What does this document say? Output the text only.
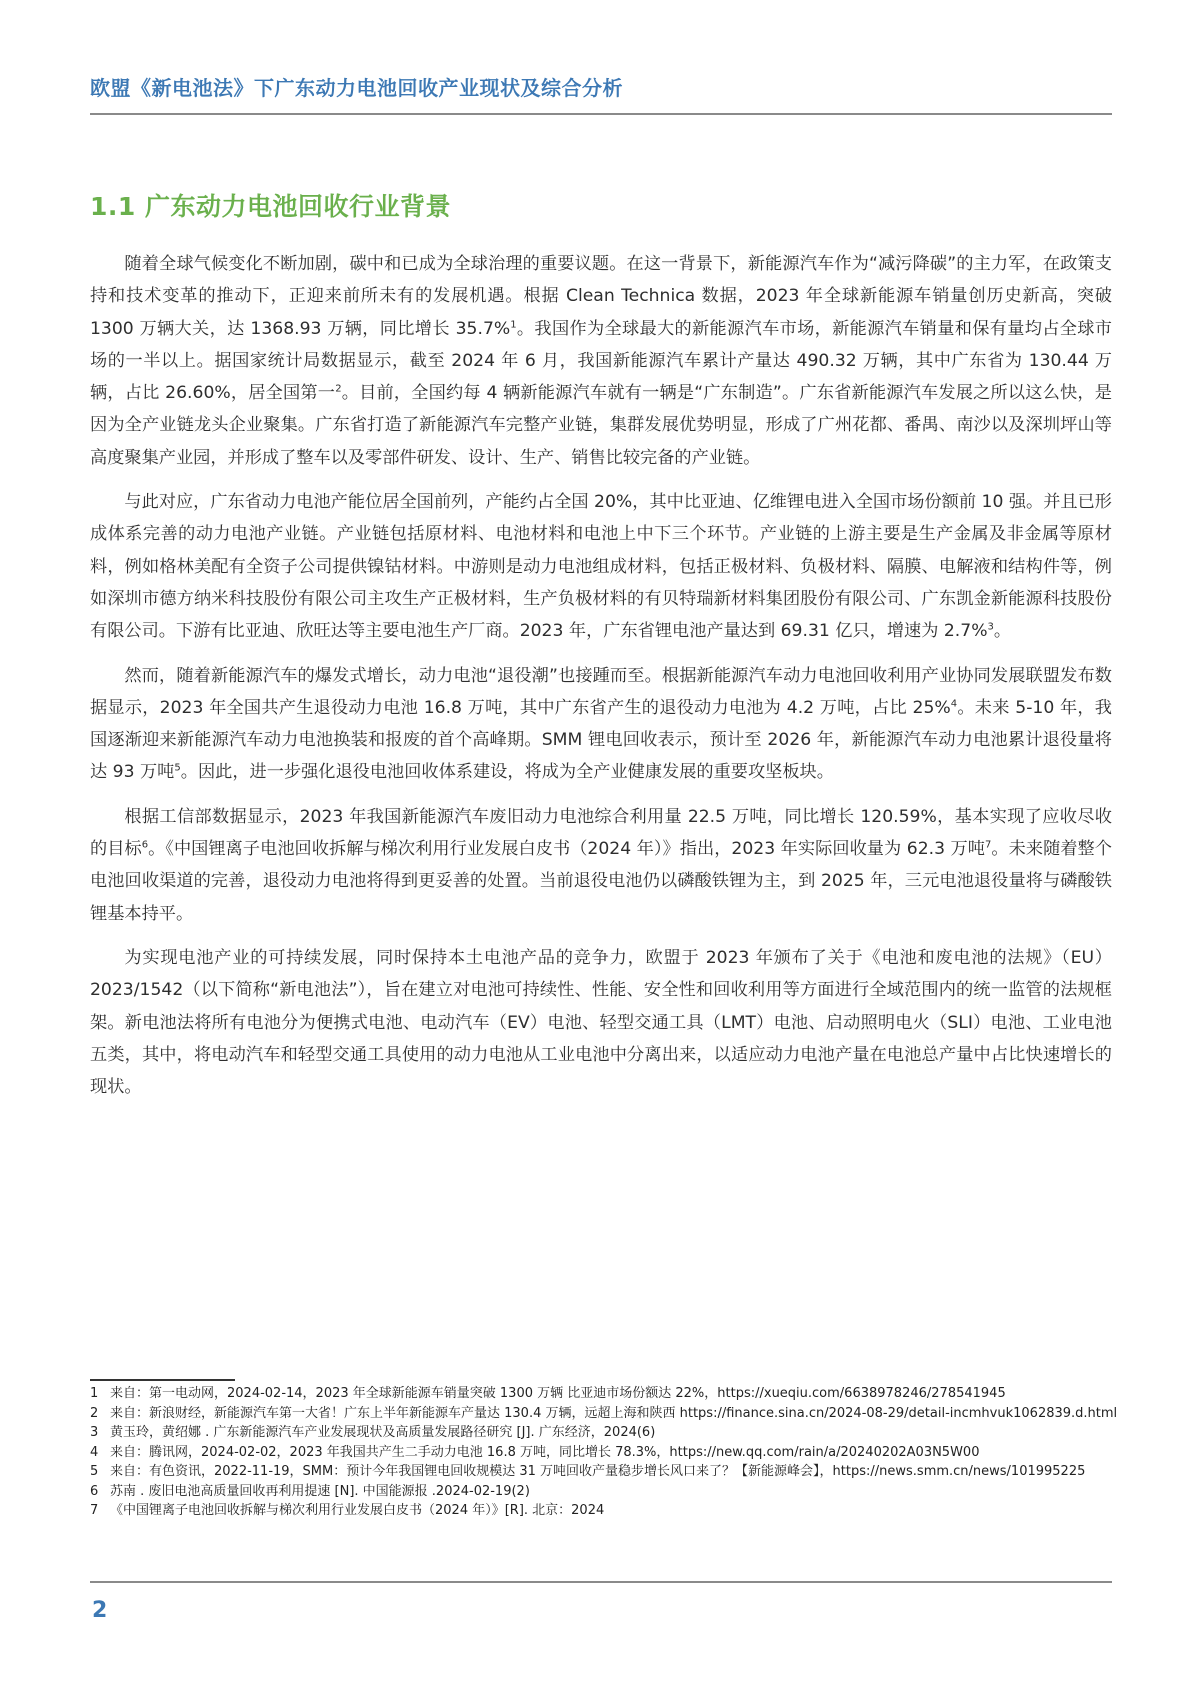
欧盟《新电池法》下广东动力电池回收产业现状及综合分析
1.1 广东动力电池回收行业背景

随着全球气候变化不断加剧，碳中和已成为全球治理的重要议题。在这一背景下，新能源汽车作为“减污降碳”的主力军，在政策支持和技术变革的推动下，正迎来前所未有的发展机遇。根据 Clean Technica 数据，2023 年全球新能源车销量创历史新高，突破 1300 万辆大关，达 1368.93 万辆，同比增长 35.7%$^1$。我国作为全球最大的新能源汽车市场，新能源汽车销量和保有量均占全球市场的一半以上。据国家统计局数据显示，截至 2024 年 6 月，我国新能源汽车累计产量达 490.32 万辆，其中广东省为 130.44 万辆，占比 26.60%，居全国第一$^2$。目前，全国约每 4 辆新能源汽车就有一辆是“广东制造”。广东省新能源汽车发展之所以这么快，是因为全产业链龙头企业聚集。广东省打造了新能源汽车完整产业链，集群发展优势明显，形成了广州花都、番禺、南沙以及深圳坪山等高度聚集产业园，并形成了整车以及零部件研发、设计、生产、销售比较完备的产业链。

与此对应，广东省动力电池产能位居全国前列，产能约占全国 20%，其中比亚迪、亿维锂电进入全国市场份额前 10 强。并且已形成体系完善的动力电池产业链。产业链包括原材料、电池材料和电池上中下三个环节。产业链的上游主要是生产金属及非金属等原材料，例如格林美配有全资子公司提供镍钴材料。中游则是动力电池组成材料，包括正极材料、负极材料、隔膜、电解液和结构件等，例如深圳市德方纳米科技股份有限公司主攻生产正极材料，生产负极材料的有贝特瑞新材料集团股份有限公司、广东凯金新能源科技股份有限公司。下游有比亚迪、欣旺达等主要电池生产厂商。2023 年，广东省锂电池产量达到 69.31 亿只，增速为 2.7%$^3$。

然而，随着新能源汽车的爆发式增长，动力电池“退役潮”也接踵而至。根据新能源汽车动力电池回收利用产业协同发展联盟发布数据显示，2023 年全国共产生退役动力电池 16.8 万吨，其中广东省产生的退役动力电池为 4.2 万吨，占比 25%$^4$。未来 5-10 年，我国逐渐迎来新能源汽车动力电池换装和报废的首个高峰期。SMM 锂电回收表示，预计至 2026 年，新能源汽车动力电池累计退役量将达 93 万吨$^5$。因此，进一步强化退役电池回收体系建设，将成为全产业健康发展的重要攻坚板块。

根据工信部数据显示，2023 年我国新能源汽车废旧动力电池综合利用量 22.5 万吨，同比增长 120.59%，基本实现了应收尽收的目标$^6$。《中国锂离子电池回收拆解与梯次利用行业发展白皮书（2024 年）》指出，2023 年实际回收量为 62.3 万吨$^7$。未来随着整个电池回收渠道的完善，退役动力电池将得到更妥善的处置。当前退役电池仍以磷酸铁锂为主，到 2025 年，三元电池退役量将与磷酸铁锂基本持平。

为实现电池产业的可持续发展，同时保持本土电池产品的竞争力，欧盟于 2023 年颁布了关于《电池和废电池的法规》（EU）2023/1542（以下简称“新电池法”），旨在建立对电池可持续性、性能、安全性和回收利用等方面进行全域范围内的统一监管的法规框架。新电池法将所有电池分为便携式电池、电动汽车（EV）电池、轻型交通工具（LMT）电池、启动照明电火（SLI）电池、工业电池五类，其中，将电动汽车和轻型交通工具使用的动力电池从工业电池中分离出来，以适应动力电池产量在电池总产量中占比快速增长的现状。

1 来自：第一电动网，2024-02-14，2023 年全球新能源车销量突破 1300 万辆 比亚迪市场份额达 22%，https://xueqiu.com/6638978246/278541945

2 来自：新浪财经，新能源汽车第一大省！广东上半年新能源车产量达 130.4 万辆，远超上海和陕西 https://finance.sina.cn/2024-08-29/detail-incmhvuk1062839.d.html

3 黄玉玲，黄绍娜 . 广东新能源汽车产业发展现状及高质量发展路径研究 [J]. 广东经济，2024(6)

4 来自：腾讯网，2024-02-02，2023 年我国共产生二手动力电池 16.8 万吨，同比增长 78.3%，https://new.qq.com/rain/a/20240202A03N5W00

5 来自：有色资讯，2022-11-19，SMM：预计今年我国锂电回收规模达 31 万吨回收产量稳步增长风口来了？【新能源峰会】，https://news.smm.cn/news/101995225

6 苏南 . 废旧电池高质量回收再利用提速 [N]. 中国能源报 .2024-02-19(2)

7 《中国锂离子电池回收拆解与梯次利用行业发展白皮书（2024 年）》[R]. 北京：2024

2
